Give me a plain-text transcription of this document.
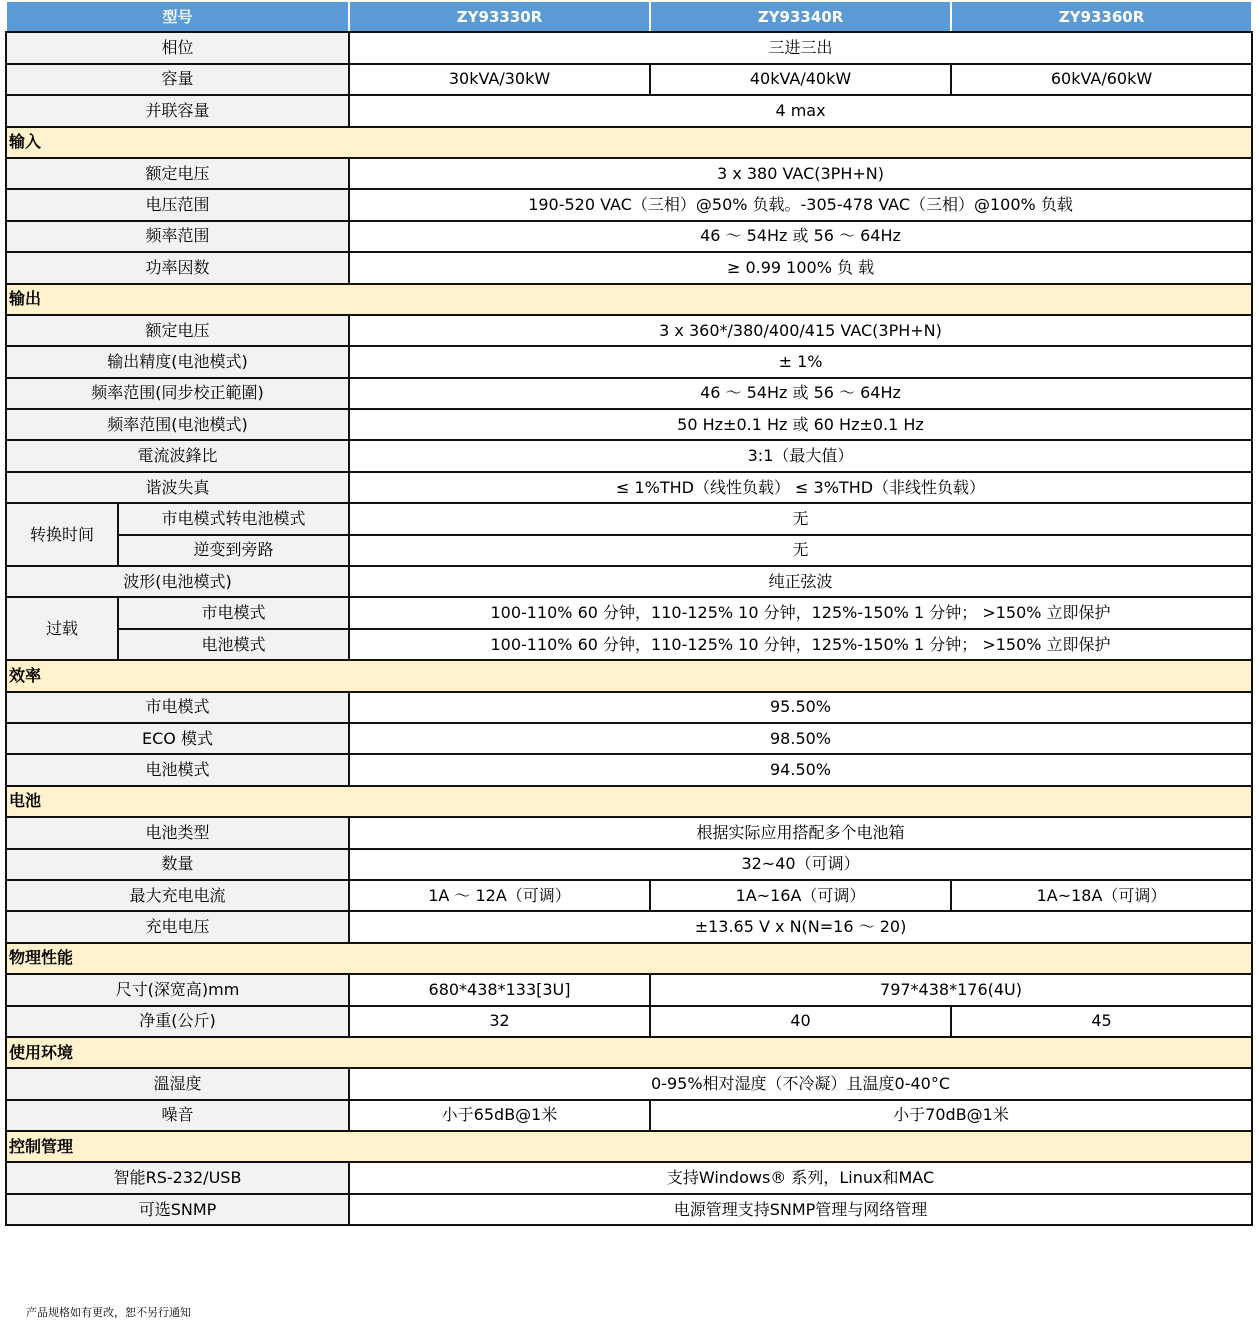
型号		ZY93330R	ZY93340R	ZY93360R
相位		三进三出		
容量		30kVA/30kW	40kVA/40kW	60kVA/60kW
并联容量		4 max		
输入				
额定电压		3 x 380 VAC(3PH+N)		
电压范围		190-520 VAC（三相）@50% 负载。-305-478 VAC（三相）@100% 负载		
频率范围		46 ～ 54Hz 或 56 ～ 64Hz		
功率因数		≥ 0.99 100% 负 载		
输出				
额定电压		3 x 360*/380/400/415 VAC(3PH+N)		
输出精度(电池模式)		± 1%		
频率范围(同步校正範圍)		46 ～ 54Hz 或 56 ～ 64Hz		
频率范围(电池模式)		50 Hz±0.1 Hz 或 60 Hz±0.1 Hz		
電流波鋒比		3:1（最大值）		
谐波失真		≤ 1%THD（线性负载） ≤ 3%THD（非线性负载）		
转换时间	市电模式转电池模式	无		
	逆变到旁路	无		
波形(电池模式)		纯正弦波		
过载	市电模式	100-110% 60 分钟，110-125% 10 分钟，125%-150% 1 分钟； >150% 立即保护		
	电池模式	100-110% 60 分钟，110-125% 10 分钟，125%-150% 1 分钟； >150% 立即保护		
效率				
市电模式		95.50%		
ECO 模式		98.50%		
电池模式		94.50%		
电池				
电池类型		根据实际应用搭配多个电池箱		
数量		32~40（可调）		
最大充电电流		1A ～ 12A（可调）	1A~16A（可调）	1A~18A（可调）
充电电压		±13.65 V x N(N=16 ～ 20)		
物理性能				
尺寸(深宽高)mm		680*438*133[3U]	797*438*176(4U)	
净重(公斤)		32	40	45
使用环境				
溫湿度		0-95%相对湿度（不冷凝）且温度0-40°C		
噪音		小于65dB@1米	小于70dB@1米	
控制管理				
智能RS-232/USB		支持Windows® 系列，Linux和MAC		
可选SNMP		电源管理支持SNMP管理与网络管理		
产品规格如有更改，恕不另行通知
